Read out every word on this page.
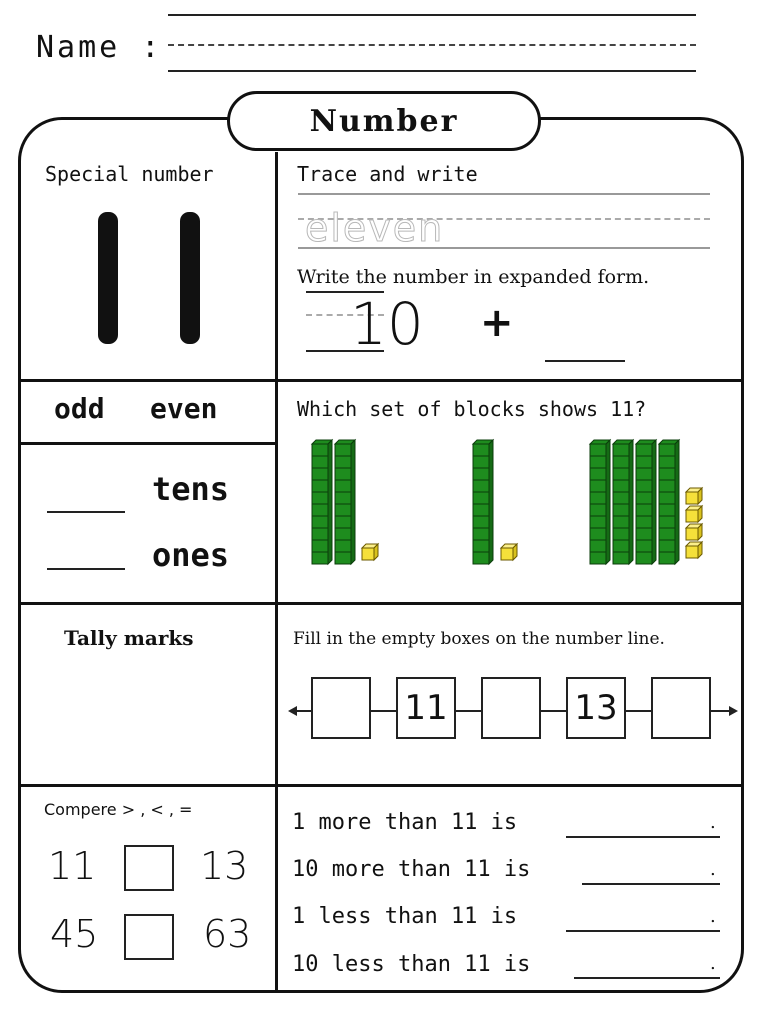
Name :
Number
Special number	Trace and write
eleven
Write the number in expanded form.
10 +
odd even
tens
ones
Which set of blocks shows 11?
Tally marks	Fill in the empty boxes on the number line.
11	13
Compere > , < , =
11	13
45	63
1 more than 11 is	.
10 more than 11 is	.
1 less than 11 is	.
10 less than 11 is	.
